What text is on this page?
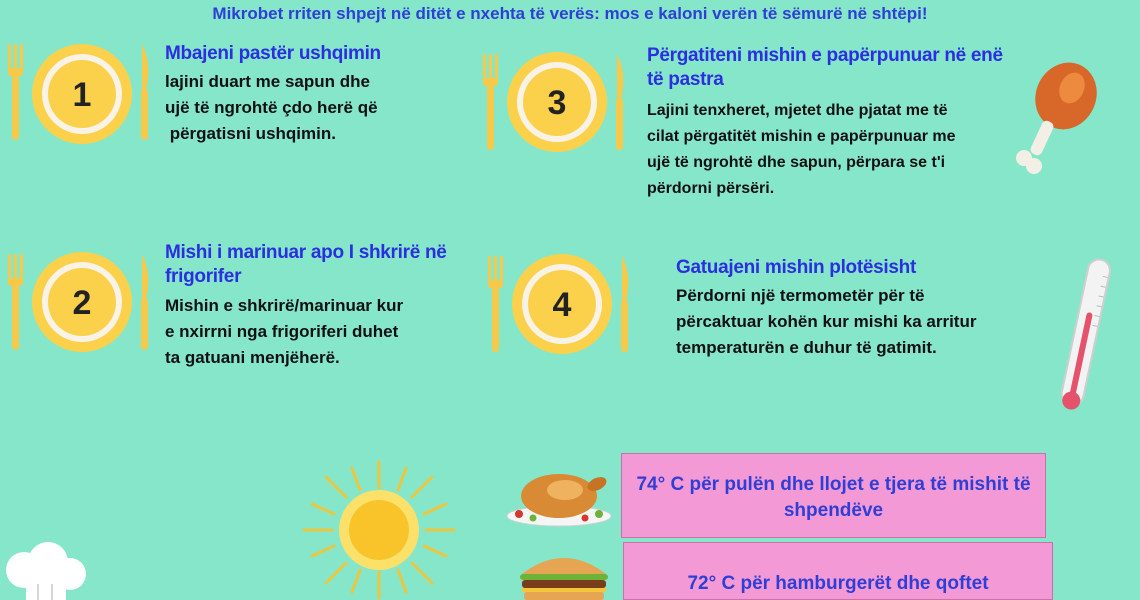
Mikrobet rriten shpejt në ditët e nxehta të verës: mos e kaloni verën të sëmurë në shtëpi!
1
2
3
4
Mbajeni pastër ushqimin
lajini duart me sapun dhe
ujë të ngrohtë çdo herë që
përgatisni ushqimin.
Mishi i marinuar apo I shkrirë në frigorifer
Mishin e shkrirë/marinuar kur
e nxirrni nga frigoriferi duhet
ta gatuani menjëherë.
Përgatiteni mishin e papërpunuar në enë të pastra
Lajini tenxheret, mjetet dhe pjatat me të
cilat përgatitët mishin e papërpunuar me
ujë të ngrohtë dhe sapun, përpara se t'i
përdorni përsëri.
Gatuajeni mishin plotësisht
Përdorni një termometër për të
përcaktuar kohën kur mishi ka arritur
temperaturën e duhur të gatimit.
74° C për pulën dhe llojet e tjera të mishit të shpendëve
72° C për hamburgerët dhe qoftet
